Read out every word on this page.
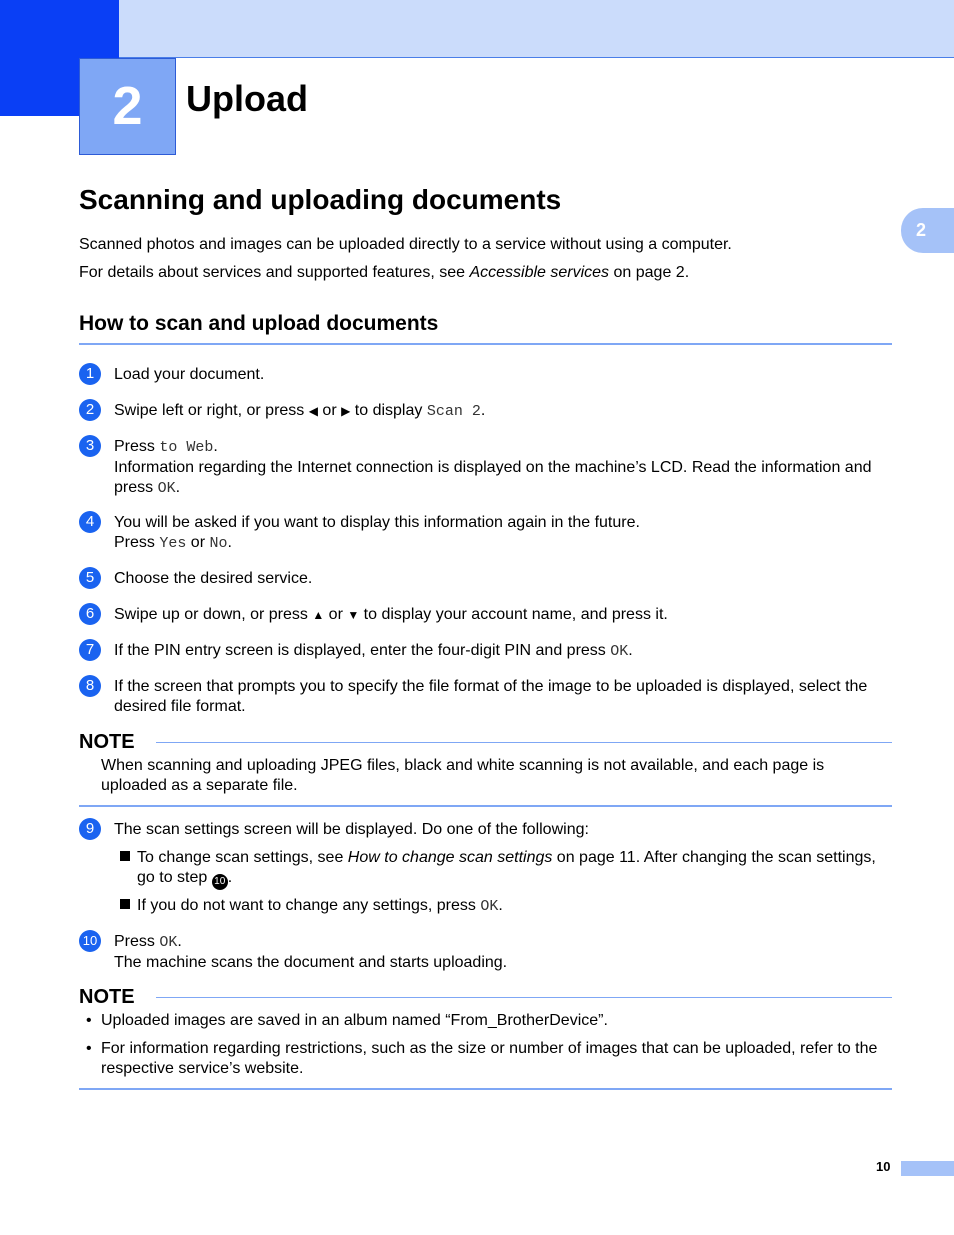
2	Upload
2
Scanning and uploading documents

Scanned photos and images can be uploaded directly to a service without using a computer.

For details about services and supported features, see Accessible services on page 2.

How to scan and upload documents
1	Load your document.
2	Swipe left or right, or press ◀ or ▶ to display Scan 2.
3	Press to Web.
Information regarding the Internet connection is displayed on the machine’s LCD. Read the information and press OK.
4	You will be asked if you want to display this information again in the future.
Press Yes or No.
5	Choose the desired service.
6	Swipe up or down, or press ▲ or ▼ to display your account name, and press it.
7	If the PIN entry screen is displayed, enter the four-digit PIN and press OK.
8	If the screen that prompts you to specify the file format of the image to be uploaded is displayed, select the desired file format.
NOTE
When scanning and uploading JPEG files, black and white scanning is not available, and each page is uploaded as a separate file.
9	The scan settings screen will be displayed. Do one of the following:
To change scan settings, see How to change scan settings on page 11. After changing the scan settings, go to step 10 .
If you do not want to change any settings, press OK.
10 Press OK.
The machine scans the document and starts uploading.
NOTE
• Uploaded images are saved in an album named “From_BrotherDevice”.
• For information regarding restrictions, such as the size or number of images that can be uploaded, refer to the respective service’s website.
10
